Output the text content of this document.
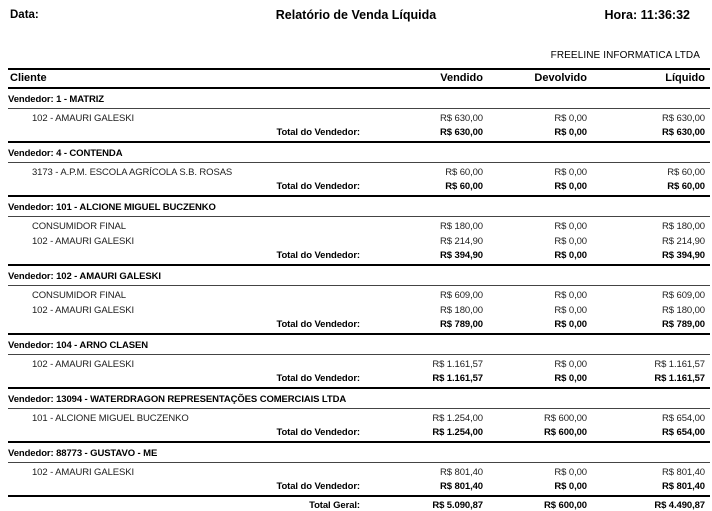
Data:	Relatório de Venda Líquida	Hora: 11:36:32
FREELINE INFORMATICA LTDA
Cliente	Vendido	Devolvido	Líquido
Vendedor: 1 - MATRIZ
102 - AMAURI GALESKI	R$ 630,00	R$ 0,00	R$ 630,00
Total do Vendedor:	R$ 630,00	R$ 0,00	R$ 630,00
Vendedor: 4 - CONTENDA
3173 - A.P.M. ESCOLA AGRÍCOLA S.B. ROSAS	R$ 60,00	R$ 0,00	R$ 60,00
Total do Vendedor:	R$ 60,00	R$ 0,00	R$ 60,00
Vendedor: 101 - ALCIONE MIGUEL BUCZENKO
CONSUMIDOR FINAL	R$ 180,00	R$ 0,00	R$ 180,00
102 - AMAURI GALESKI	R$ 214,90	R$ 0,00	R$ 214,90
Total do Vendedor:	R$ 394,90	R$ 0,00	R$ 394,90
Vendedor: 102 - AMAURI GALESKI
CONSUMIDOR FINAL	R$ 609,00	R$ 0,00	R$ 609,00
102 - AMAURI GALESKI	R$ 180,00	R$ 0,00	R$ 180,00
Total do Vendedor:	R$ 789,00	R$ 0,00	R$ 789,00
Vendedor: 104 - ARNO CLASEN
102 - AMAURI GALESKI	R$ 1.161,57	R$ 0,00	R$ 1.161,57
Total do Vendedor:	R$ 1.161,57	R$ 0,00	R$ 1.161,57
Vendedor: 13094 - WATERDRAGON REPRESENTAÇÕES COMERCIAIS LTDA
101 - ALCIONE MIGUEL BUCZENKO	R$ 1.254,00	R$ 600,00	R$ 654,00
Total do Vendedor:	R$ 1.254,00	R$ 600,00	R$ 654,00
Vendedor: 88773 - GUSTAVO - ME
102 - AMAURI GALESKI	R$ 801,40	R$ 0,00	R$ 801,40
Total do Vendedor:	R$ 801,40	R$ 0,00	R$ 801,40
Total Geral:	R$ 5.090,87	R$ 600,00	R$ 4.490,87
